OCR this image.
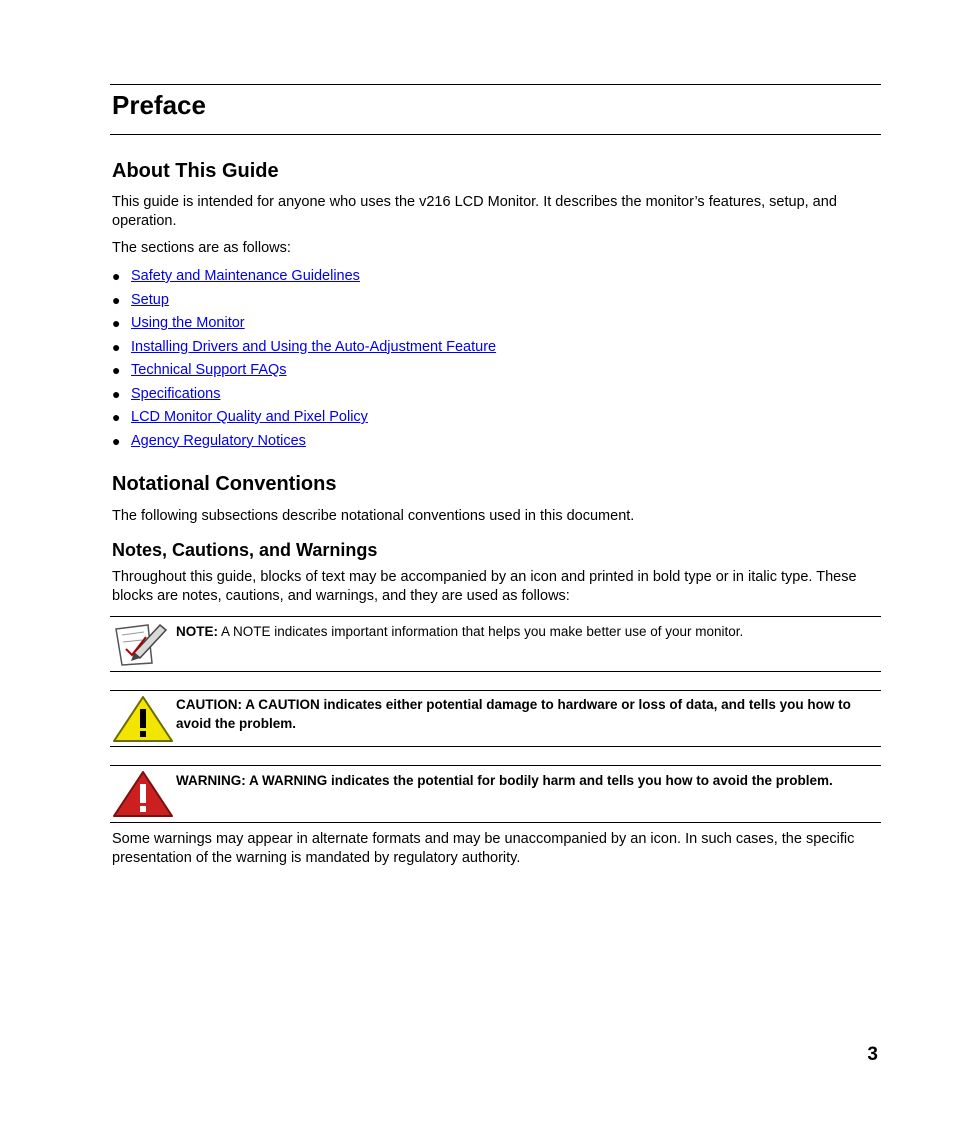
Preface
About This Guide

This guide is intended for anyone who uses the v216 LCD Monitor. It describes the monitor’s features, setup, and operation.

The sections are as follows:

● Safety and Maintenance Guidelines
● Setup
● Using the Monitor
● Installing Drivers and Using the Auto-Adjustment Feature
● Technical Support FAQs
● Specifications
● LCD Monitor Quality and Pixel Policy
● Agency Regulatory Notices
Notational Conventions

The following subsections describe notational conventions used in this document.

Notes, Cautions, and Warnings

Throughout this guide, blocks of text may be accompanied by an icon and printed in bold type or in italic type. These blocks are notes, cautions, and warnings, and they are used as follows:

NOTE: A NOTE indicates important information that helps you make better use of your monitor.
CAUTION: A CAUTION indicates either potential damage to hardware or loss of data, and tells you how to avoid the problem.
WARNING: A WARNING indicates the potential for bodily harm and tells you how to avoid the problem.

Some warnings may appear in alternate formats and may be unaccompanied by an icon. In such cases, the specific presentation of the warning is mandated by regulatory authority.

3
